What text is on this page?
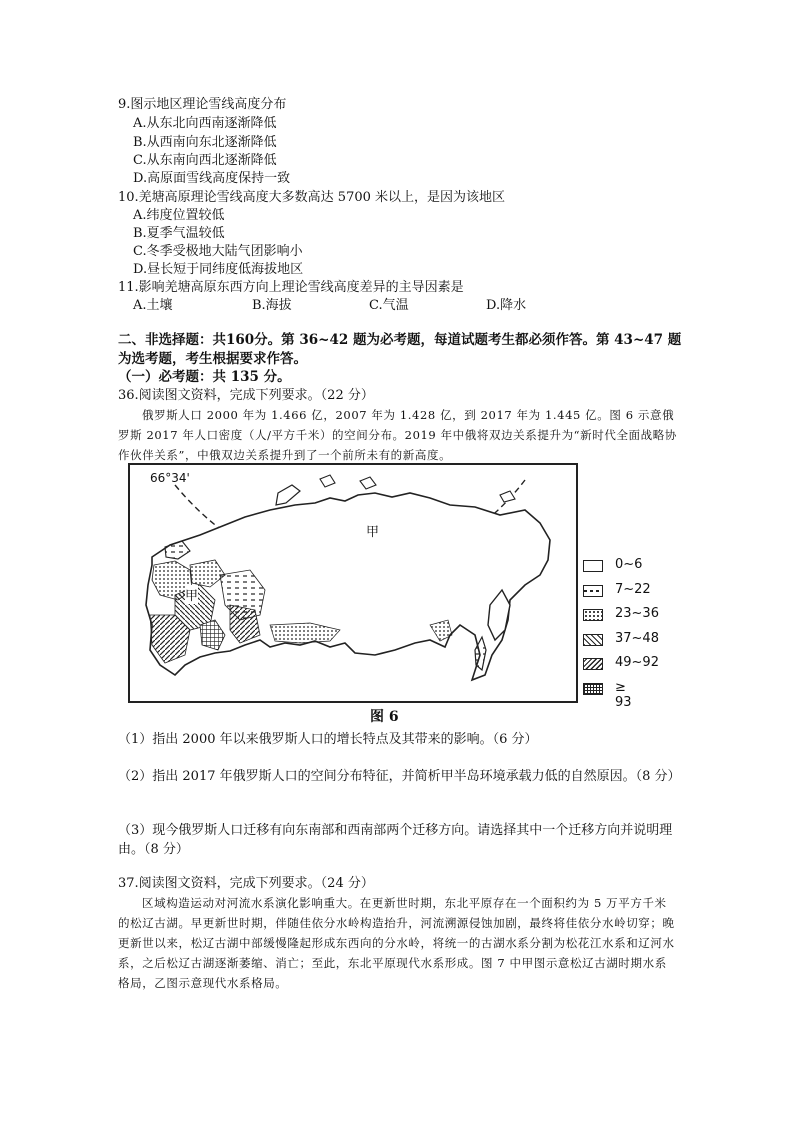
9.图示地区理论雪线高度分布
A.从东北向西南逐渐降低
B.从西南向东北逐渐降低
C.从东南向西北逐渐降低
D.高原面雪线高度保持一致
10.羌塘高原理论雪线高度大多数高达 5700 米以上，是因为该地区
A.纬度位置较低
B.夏季气温较低
C.冬季受极地大陆气团影响小
D.昼长短于同纬度低海拔地区
11.影响羌塘高原东西方向上理论雪线高度差异的主导因素是
A.土壤	B.海拔	C.气温	D.降水
二、非选择题：共160分。第 36~42 题为必考题，每道试题考生都必须作答。第 43~47 题
为选考题，考生根据要求作答。
（一）必考题：共 135 分。
36.阅读图文资料，完成下列要求。（22 分）
俄罗斯人口 2000 年为 1.466 亿，2007 年为 1.428 亿，到 2017 年为 1.445 亿。图 6 示意俄罗斯 2017 年人口密度（人/平方千米）的空间分布。2019 年中俄将双边关系提升为“新时代全面战略协作伙伴关系”，中俄双边关系提升到了一个前所未有的新高度。
66°34'
甲
甲
0~6
7~22
23~36
37~48
49~92
≥ 93
图 6
（1）指出 2000 年以来俄罗斯人口的增长特点及其带来的影响。（6 分）
（2）指出 2017 年俄罗斯人口的空间分布特征，并简析甲半岛环境承载力低的自然原因。（8 分）
（3）现今俄罗斯人口迁移有向东南部和西南部两个迁移方向。请选择其中一个迁移方向并说明理由。（8 分）
37.阅读图文资料，完成下列要求。（24 分）
区域构造运动对河流水系演化影响重大。在更新世时期，东北平原存在一个面积约为 5 万平方千米的松辽古湖。早更新世时期，伴随佳依分水岭构造抬升，河流溯源侵蚀加剧，最终将佳依分水岭切穿；晚更新世以来，松辽古湖中部缓慢隆起形成东西向的分水岭，将统一的古湖水系分割为松花江水系和辽河水系，之后松辽古湖逐渐萎缩、消亡；至此，东北平原现代水系形成。图 7 中甲图示意松辽古湖时期水系格局，乙图示意现代水系格局。
